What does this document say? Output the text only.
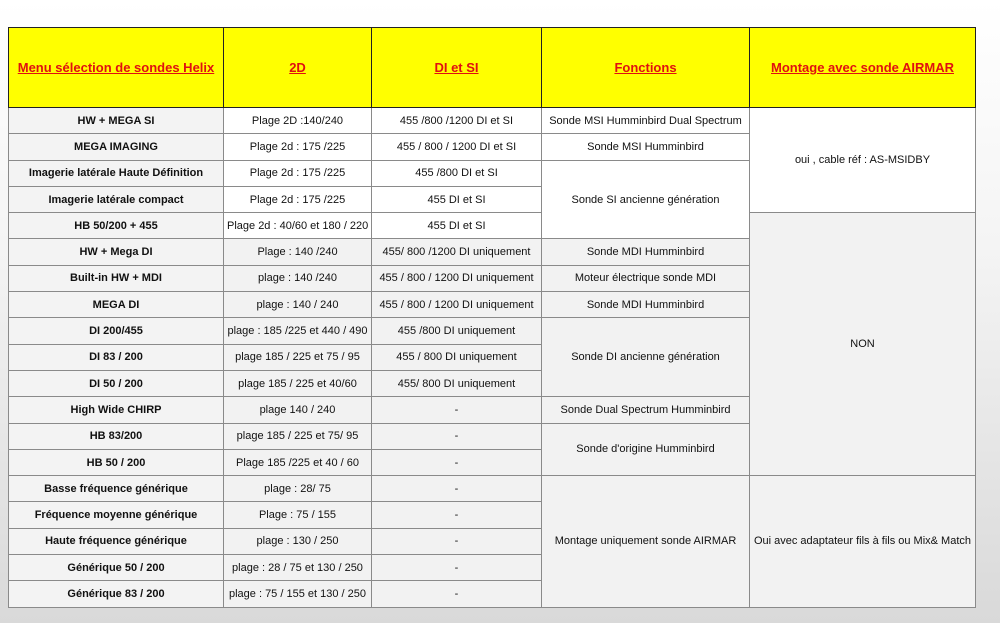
Menu sélection de sondes Helix	2D	DI et SI	Fonctions	Montage avec sonde AIRMAR
HW + MEGA SI	Plage 2D :140/240	455 /800 /1200 DI et SI	Sonde MSI Humminbird Dual Spectrum	oui , cable réf : AS-MSIDBY
MEGA IMAGING	Plage 2d : 175 /225	455 / 800 / 1200 DI et SI	Sonde MSI Humminbird	
Imagerie latérale Haute Définition	Plage 2d : 175 /225	455 /800 DI et SI	Sonde SI ancienne génération	
Imagerie latérale compact	Plage 2d : 175 /225	455 DI et SI		
HB 50/200 + 455	Plage 2d : 40/60 et 180 / 220	455 DI et SI		NON
HW + Mega DI	Plage : 140 /240	455/ 800 /1200 DI uniquement	Sonde MDI Humminbird	
Built-in HW + MDI	plage : 140 /240	455 / 800 / 1200 DI uniquement	Moteur électrique sonde MDI	
MEGA DI	plage : 140 / 240	455 / 800 / 1200 DI uniquement	Sonde MDI Humminbird	
DI 200/455	plage : 185 /225 et 440 / 490	455 /800 DI uniquement	Sonde DI ancienne génération	
DI 83 / 200	plage 185 / 225 et 75 / 95	455 / 800 DI uniquement		
DI 50 / 200	plage 185 / 225 et 40/60	455/ 800 DI uniquement		
High Wide CHIRP	plage 140 / 240	-	Sonde Dual Spectrum Humminbird	
HB 83/200	plage 185 / 225 et 75/ 95	-	Sonde d'origine Humminbird	
HB 50 / 200	Plage 185 /225 et 40 / 60	-		
Basse fréquence générique	plage : 28/ 75	-	Montage uniquement sonde AIRMAR	Oui avec adaptateur fils à fils ou Mix& Match
Fréquence moyenne générique	Plage : 75 / 155	-		
Haute fréquence générique	plage : 130 / 250	-		
Générique 50 / 200	plage : 28 / 75 et 130 / 250	-		
Générique 83 / 200	plage : 75 / 155 et 130 / 250	-		
